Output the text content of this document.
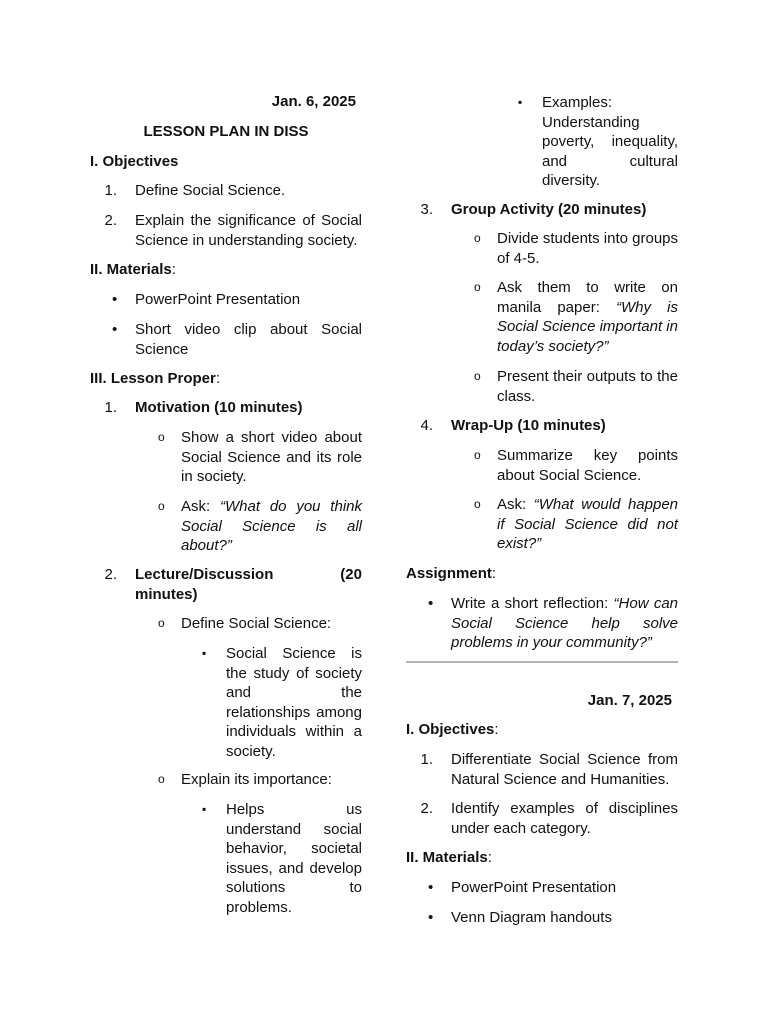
Jan. 6, 2025
LESSON PLAN IN DISS
I. Objectives
1.	Define Social Science.
2.	Explain the significance of Social Science in understanding society.
II. Materials:
• PowerPoint Presentation
• Short video clip about Social Science
III. Lesson Proper:
1.	Motivation (10 minutes)
o Show a short video about Social Science and its role in society.
o Ask: “What do you think Social Science is all about?”
2.	Lecture/Discussion (20 minutes)
o Define Social Science:
▪ Social Science is the study of society and the relationships among individuals within a society.
o Explain its importance:
▪ Helps us understand social behavior, societal issues, and develop solutions to problems.
▪ Examples: Understanding poverty, inequality, and cultural diversity.
3.	Group Activity (20 minutes)
o Divide students into groups of 4-5.
o Ask them to write on manila paper: “Why is Social Science important in today’s society?”
o Present their outputs to the class.
4.	Wrap-Up (10 minutes)
o Summarize key points about Social Science.
o Ask: “What would happen if Social Science did not exist?”
Assignment:
• Write a short reflection: “How can Social Science help solve problems in your community?”
Jan. 7, 2025
I. Objectives:
1.	Differentiate Social Science from Natural Science and Humanities.
2.	Identify examples of disciplines under each category.
II. Materials:
• PowerPoint Presentation
• Venn Diagram handouts
